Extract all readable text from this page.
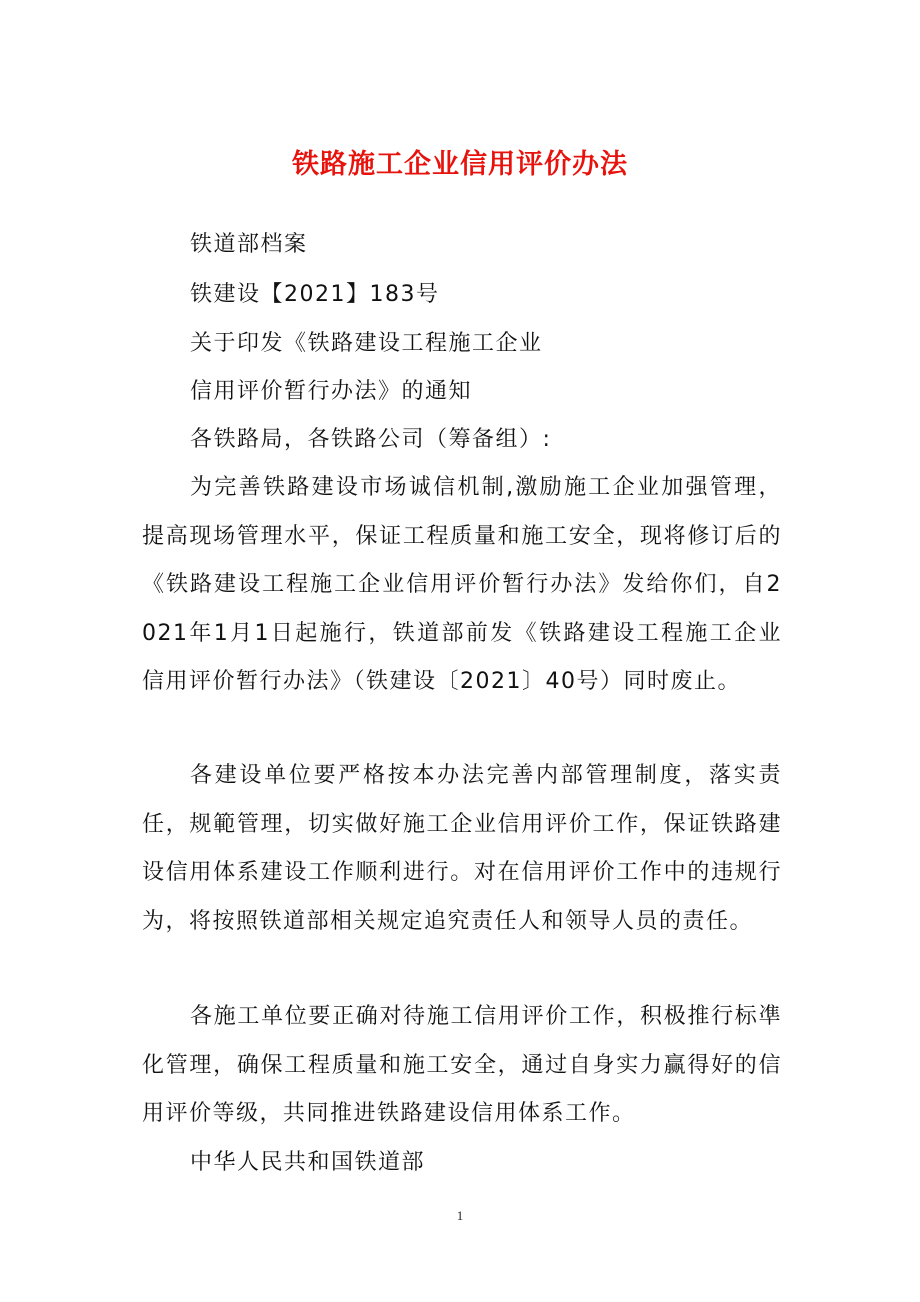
铁路施工企业信用评价办法
铁道部档案
铁建设【2021】183号
关于印发《铁路建设工程施工企业
信用评价暂行办法》的通知
各铁路局，各铁路公司（筹备组）:
为完善铁路建设市场诚信机制,激励施工企业加强管理，提高现场管理水平，保证工程质量和施工安全，现将修订后的《铁路建设工程施工企业信用评价暂行办法》发给你们，自2021年1月1日起施行，铁道部前发《铁路建设工程施工企业信用评价暂行办法》（铁建设〔2021〕40号）同时废止。
各建设单位要严格按本办法完善内部管理制度，落实责任，规範管理，切实做好施工企业信用评价工作，保证铁路建设信用体系建设工作顺利进行。对在信用评价工作中的违规行为，将按照铁道部相关规定追究责任人和领导人员的责任。
各施工单位要正确对待施工信用评价工作，积极推行标凖化管理，确保工程质量和施工安全，通过自身实力赢得好的信用评价等级，共同推进铁路建设信用体系工作。
中华人民共和国铁道部
1
